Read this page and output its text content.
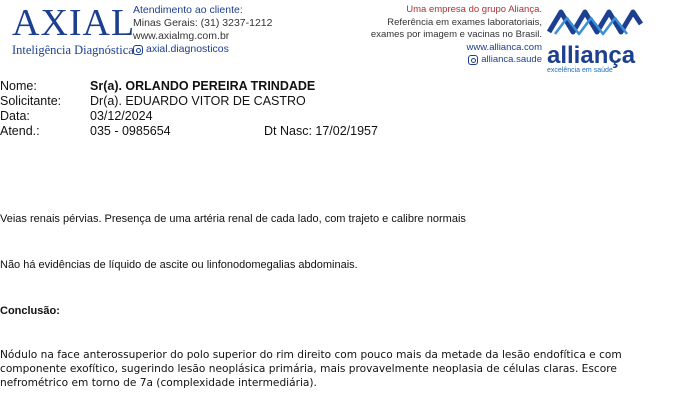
AXIAL
Inteligência Diagnóstica
Atendimento ao cliente:
Minas Gerais: (31) 3237-1212
www.axialmg.com.br
axial.diagnosticos
Uma empresa do grupo Aliança.
Referência em exames laboratoriais,
exames por imagem e vacinas no Brasil.
www.allianca.com
allianca.saude alliança
excelência em saúde
Nome:	Sr(a). ORLANDO PEREIRA TRINDADE
Solicitante: Dr(a). EDUARDO VITOR DE CASTRO
Data:	03/12/2024
Atend.:	035 - 0985654	Dt Nasc: 17/02/1957
Veias renais pérvias. Presença de uma artéria renal de cada lado, com trajeto e calibre normais
Não há evidências de líquido de ascite ou linfonodomegalias abdominais.
Conclusão:
Nódulo na face anterossuperior do polo superior do rim direito com pouco mais da metade da lesão endofítica e com
componente exofítico, sugerindo lesão neoplásica primária, mais provavelmente neoplasia de células claras. Escore
nefrométrico em torno de 7a (complexidade intermediária).
